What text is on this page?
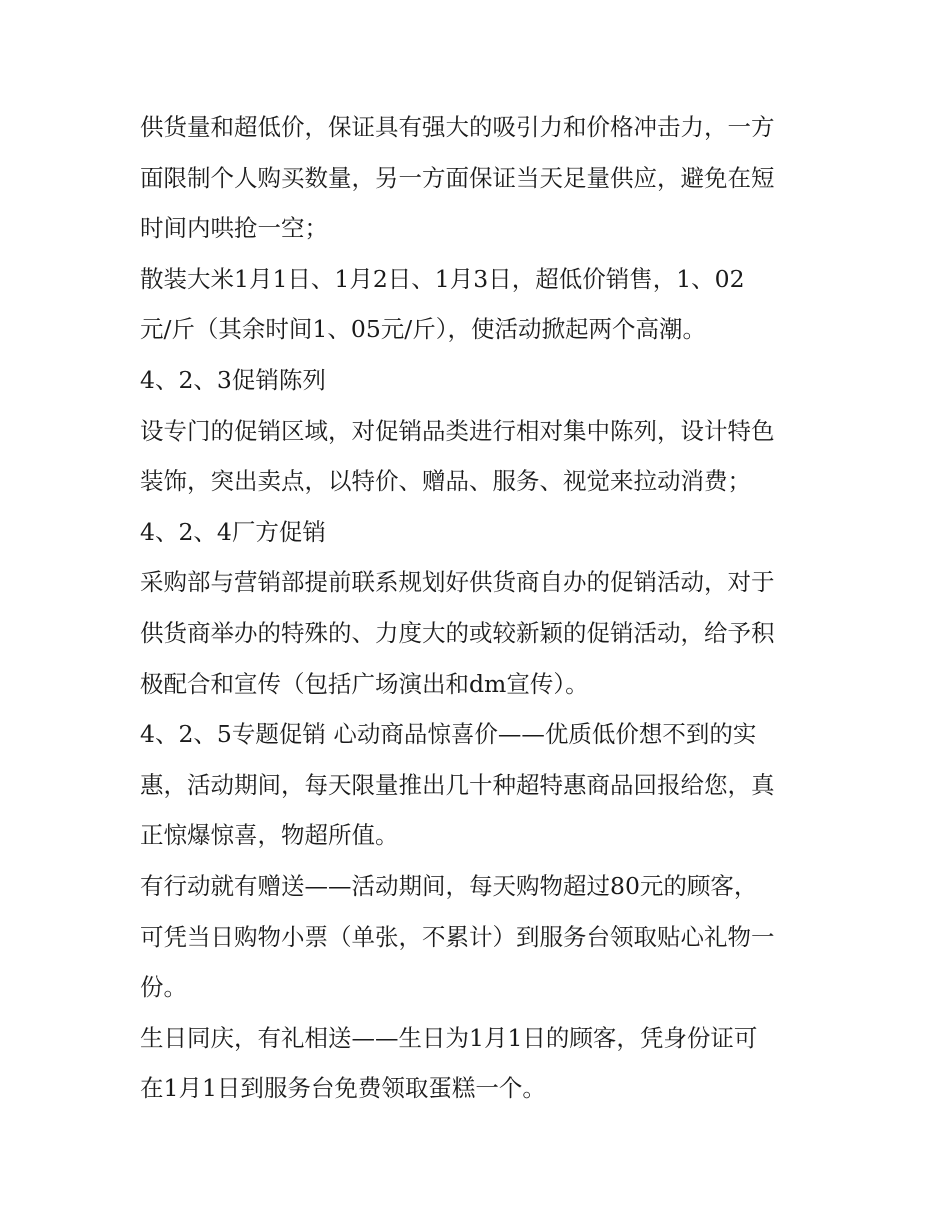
供货量和超低价，保证具有强大的吸引力和价格冲击力，一方
面限制个人购买数量，另一方面保证当天足量供应，避免在短
时间内哄抢一空；
散装大米1月1日、1月2日、1月3日，超低价销售，1、02
元/斤（其余时间1、05元/斤），使活动掀起两个高潮。
4、2、3促销陈列
设专门的促销区域，对促销品类进行相对集中陈列，设计特色
装饰，突出卖点，以特价、赠品、服务、视觉来拉动消费；
4、2、4厂方促销
采购部与营销部提前联系规划好供货商自办的促销活动，对于
供货商举办的特殊的、力度大的或较新颖的促销活动，给予积
极配合和宣传（包括广场演出和dm宣传）。
4、2、5专题促销 心动商品惊喜价——优质低价想不到的实
惠，活动期间，每天限量推出几十种超特惠商品回报给您，真
正惊爆惊喜，物超所值。
有行动就有赠送——活动期间，每天购物超过80元的顾客，
可凭当日购物小票（单张，不累计）到服务台领取贴心礼物一
份。
生日同庆，有礼相送——生日为1月1日的顾客，凭身份证可
在1月1日到服务台免费领取蛋糕一个。
